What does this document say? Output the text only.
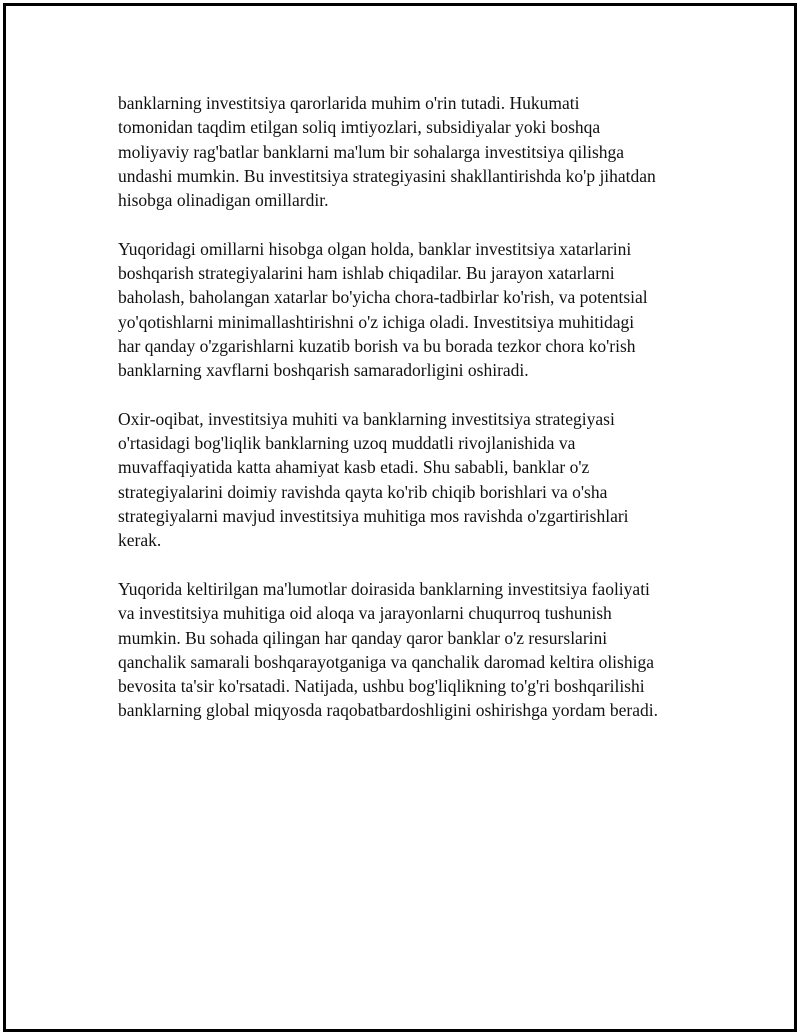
banklarning investitsiya qarorlarida muhim o'rin tutadi. Hukumati
tomonidan taqdim etilgan soliq imtiyozlari, subsidiyalar yoki boshqa
moliyaviy rag'batlar banklarni ma'lum bir sohalarga investitsiya qilishga
undashi mumkin. Bu investitsiya strategiyasini shakllantirishda ko'p jihatdan
hisobga olinadigan omillardir.

Yuqoridagi omillarni hisobga olgan holda, banklar investitsiya xatarlarini
boshqarish strategiyalarini ham ishlab chiqadilar. Bu jarayon xatarlarni
baholash, baholangan xatarlar bo'yicha chora-tadbirlar ko'rish, va potentsial
yo'qotishlarni minimallashtirishni o'z ichiga oladi. Investitsiya muhitidagi
har qanday o'zgarishlarni kuzatib borish va bu borada tezkor chora ko'rish
banklarning xavflarni boshqarish samaradorligini oshiradi.

Oxir-oqibat, investitsiya muhiti va banklarning investitsiya strategiyasi
o'rtasidagi bog'liqlik banklarning uzoq muddatli rivojlanishida va
muvaffaqiyatida katta ahamiyat kasb etadi. Shu sababli, banklar o'z
strategiyalarini doimiy ravishda qayta ko'rib chiqib borishlari va o'sha
strategiyalarni mavjud investitsiya muhitiga mos ravishda o'zgartirishlari
kerak.

Yuqorida keltirilgan ma'lumotlar doirasida banklarning investitsiya faoliyati
va investitsiya muhitiga oid aloqa va jarayonlarni chuqurroq tushunish
mumkin. Bu sohada qilingan har qanday qaror banklar o'z resurslarini
qanchalik samarali boshqarayotganiga va qanchalik daromad keltira olishiga
bevosita ta'sir ko'rsatadi. Natijada, ushbu bog'liqlikning to'g'ri boshqarilishi
banklarning global miqyosda raqobatbardoshligini oshirishga yordam beradi.
